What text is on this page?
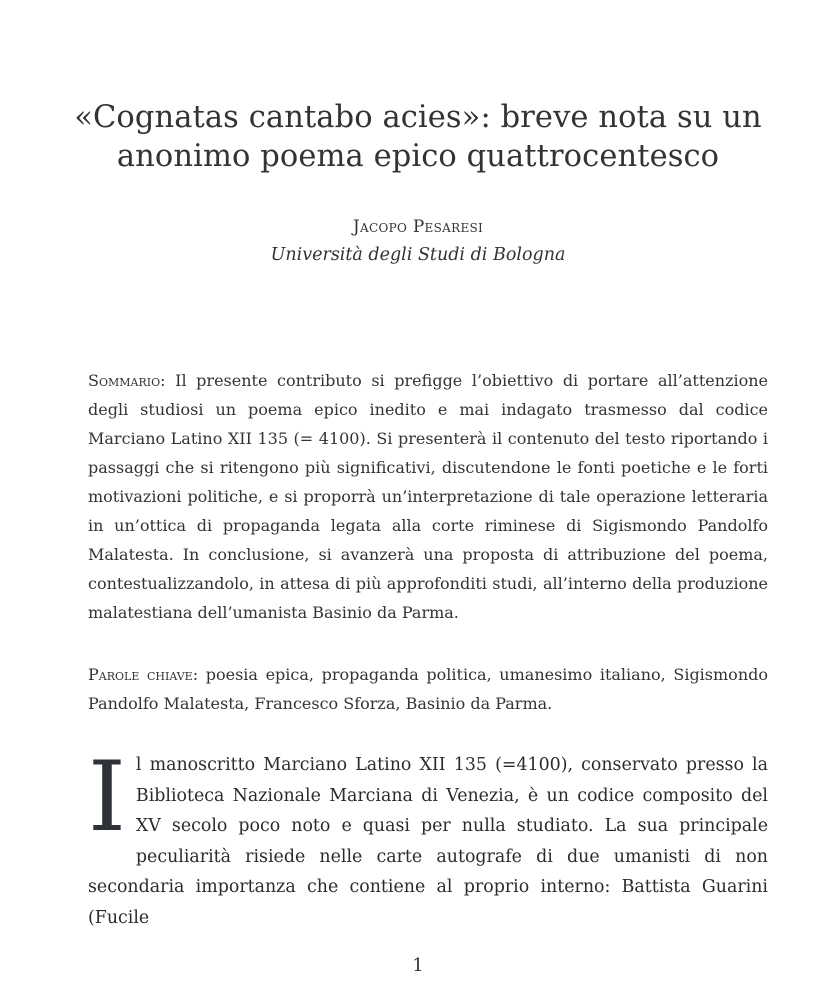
«Cognatas cantabo acies»: breve nota su un
anonimo poema epico quattrocentesco
Jacopo Pesaresi
Università degli Studi di Bologna

Sommario: Il presente contributo si prefigge l’obiettivo di portare all’attenzione degli studiosi un poema epico inedito e mai indagato trasmesso dal codice Marciano Latino XII 135 (= 4100). Si presenterà il contenuto del testo riportando i passaggi che si ritengono più significativi, discutendone le fonti poetiche e le forti motivazioni politiche, e si proporrà un’interpretazione di tale operazione letteraria in un’ottica di propaganda legata alla corte riminese di Sigismondo Pandolfo Malatesta. In conclusione, si avanzerà una proposta di attribuzione del poema, contestualizzandolo, in attesa di più approfonditi studi, all’interno della produzione malatestiana dell’umanista Basinio da Parma.

Parole chiave: poesia epica, propaganda politica, umanesimo italiano, Sigismondo Pandolfo Malatesta, Francesco Sforza, Basinio da Parma.

Il manoscritto Marciano Latino XII 135 (=4100), conservato presso la Biblioteca Nazionale Marciana di Venezia, è un codice composito del XV secolo poco noto e quasi per nulla studiato. La sua principale peculiarità risiede nelle carte autografe di due umanisti di non secondaria importanza che contiene al proprio interno: Battista Guarini (Fucile

1
